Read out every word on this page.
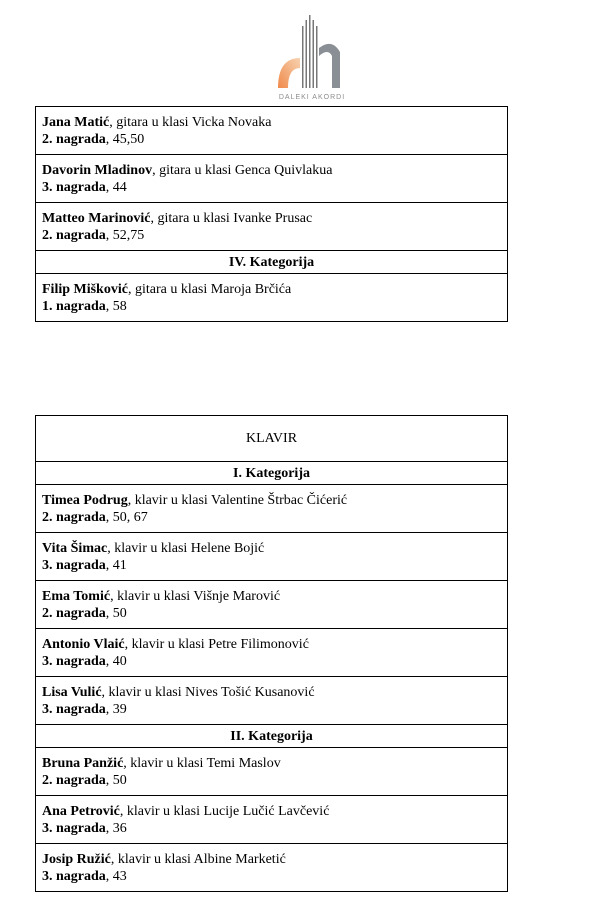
DALEKI AKORDI
Jana Matić, gitara u klasi Vicka Novaka
2. nagrada, 45,50
Davorin Mladinov, gitara u klasi Genca Quivlakua
3. nagrada, 44
Matteo Marinović, gitara u klasi Ivanke Prusac
2. nagrada, 52,75
IV. Kategorija
Filip Mišković, gitara u klasi Maroja Brčića
1. nagrada, 58
KLAVIR
I. Kategorija
Timea Podrug, klavir u klasi Valentine Štrbac Čićerić
2. nagrada, 50, 67
Vita Šimac, klavir u klasi Helene Bojić
3. nagrada, 41
Ema Tomić, klavir u klasi Višnje Marović
2. nagrada, 50
Antonio Vlaić, klavir u klasi Petre Filimonović
3. nagrada, 40
Lisa Vulić, klavir u klasi Nives Tošić Kusanović
3. nagrada, 39
II. Kategorija
Bruna Panžić, klavir u klasi Temi Maslov
2. nagrada, 50
Ana Petrović, klavir u klasi Lucije Lučić Lavčević
3. nagrada, 36
Josip Ružić, klavir u klasi Albine Marketić
3. nagrada, 43
